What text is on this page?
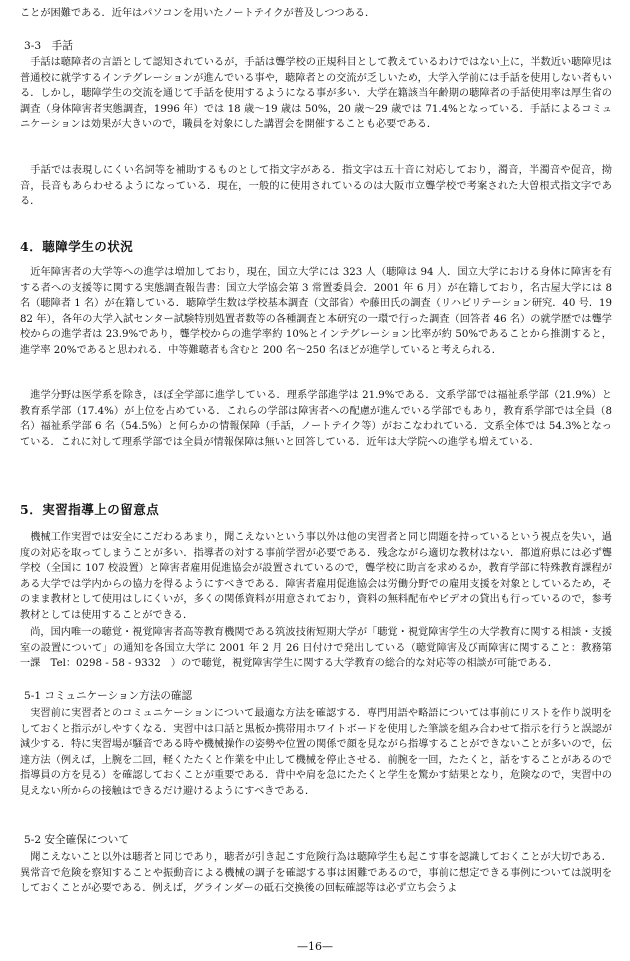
ことが困難である．近年はパソコンを用いたノートテイクが普及しつつある．
3-3　手話
手話は聴障者の言語として認知されているが，手話は聾学校の正規科目として教えているわけではない上に，半数近い聴障児は普通校に就学するインテグレーションが進んでいる事や，聴障者との交流が乏しいため，大学入学前には手話を使用しない者もいる．しかし，聴障学生の交流を通じて手話を使用するようになる事が多い．大学在籍該当年齢期の聴障者の手話使用率は厚生省の調査（身体障害者実態調査，1996 年）では 18 歳〜19 歳は 50%，20 歳〜29 歳では 71.4%となっている．手話によるコミュニケーションは効果が大きいので，職員を対象にした講習会を開催することも必要である．
手話では表現しにくい名詞等を補助するものとして指文字がある．指文字は五十音に対応しており，濁音，半濁音や促音，拗音，長音もあらわせるようになっている．現在，一般的に使用されているのは大阪市立聾学校で考案された大曽根式指文字である．
4．聴障学生の状況
近年障害者の大学等への進学は増加しており，現在，国立大学には 323 人（聴障は 94 人．国立大学における身体に障害を有する者への支援等に関する実態調査報告書：国立大学協会第 3 常置委員会．2001 年 6 月）が在籍しており，名古屋大学には 8 名（聴障者 1 名）が在籍している．聴障学生数は学校基本調査（文部省）や藤田氏の調査（リハビリテーション研究．40 号．1982 年），各年の大学入試センター試験特別処置者数等の各種調査と本研究の一環で行った調査（回答者 46 名）の就学歴では聾学校からの進学者は 23.9%であり，聾学校からの進学率約 10%とインテグレーション比率が約 50%であることから推測すると，進学率 20%であると思われる．中等難聴者も含むと 200 名〜250 名ほどが進学していると考えられる．
進学分野は医学系を除き，ほぼ全学部に進学している．理系学部進学は 21.9%である．文系学部では福祉系学部（21.9%）と教育系学部（17.4%）が上位を占めている．これらの学部は障害者への配慮が進んでいる学部でもあり，教育系学部では全員（8 名）福祉系学部 6 名（54.5%）と何らかの情報保障（手話，ノートテイク等）がおこなわれている．文系全体では 54.3%となっている．これに対して理系学部では全員が情報保障は無いと回答している．近年は大学院への進学も増えている．
5．実習指導上の留意点
機械工作実習では安全にこだわるあまり，聞こえないという事以外は他の実習者と同じ問題を持っているという視点を失い，過度の対応を取ってしまうことが多い．指導者の対する事前学習が必要である．残念ながら適切な教材はない．都道府県には必ず聾学校（全国に 107 校設置）と障害者雇用促進協会が設置されているので，聾学校に助言を求めるか，教育学部に特殊教育課程がある大学では学内からの協力を得るようにすべきである．障害者雇用促進協会は労働分野での雇用支援を対象としているため，そのまま教材として使用はしにくいが，多くの関係資料が用意されており，資料の無料配布やビデオの貸出も行っているので，参考教材としては使用することができる．
尚，国内唯一の聴覚・視覚障害者高等教育機関である筑波技術短期大学が「聴覚・視覚障害学生の大学教育に関する相談・支援室の設置について」の通知を各国立大学に 2001 年 2 月 26 日付けで発出している（聴覚障害及び両障害に関すること：教務第一課　Tel：0298 - 58 - 9332　）ので聴覚，視覚障害学生に関する大学教育の総合的な対応等の相談が可能である．
5-1 コミュニケーション方法の確認
実習前に実習者とのコミュニケーションについて最適な方法を確認する．専門用語や略語については事前にリストを作り説明をしておくと指示がしやすくなる．実習中は口話と黒板か携帯用ホワイトボードを使用した筆談を組み合わせて指示を行うと誤認が減少する．特に実習場が騒音である時や機械操作の姿勢や位置の関係で顔を見ながら指導することができないことが多いので，伝達方法（例えば，上腕を二回，軽くたたくと作業を中止して機械を停止させる．前腕を一回，たたくと，話をすることがあるので指導員の方を見る）を確認しておくことが重要である．背中や肩を急にたたくと学生を驚かす結果となり，危険なので，実習中の見えない所からの接触はできるだけ避けるようにすべきである．
5-2 安全確保について
聞こえないこと以外は聴者と同じであり，聴者が引き起こす危険行為は聴障学生も起こす事を認識しておくことが大切である．異常音で危険を察知することや振動音による機械の調子を確認する事は困難であるので，事前に想定できる事例については説明をしておくことが必要である．例えば，グラインダーの砥石交換後の回転確認等は必ず立ち会うよ
—16—
